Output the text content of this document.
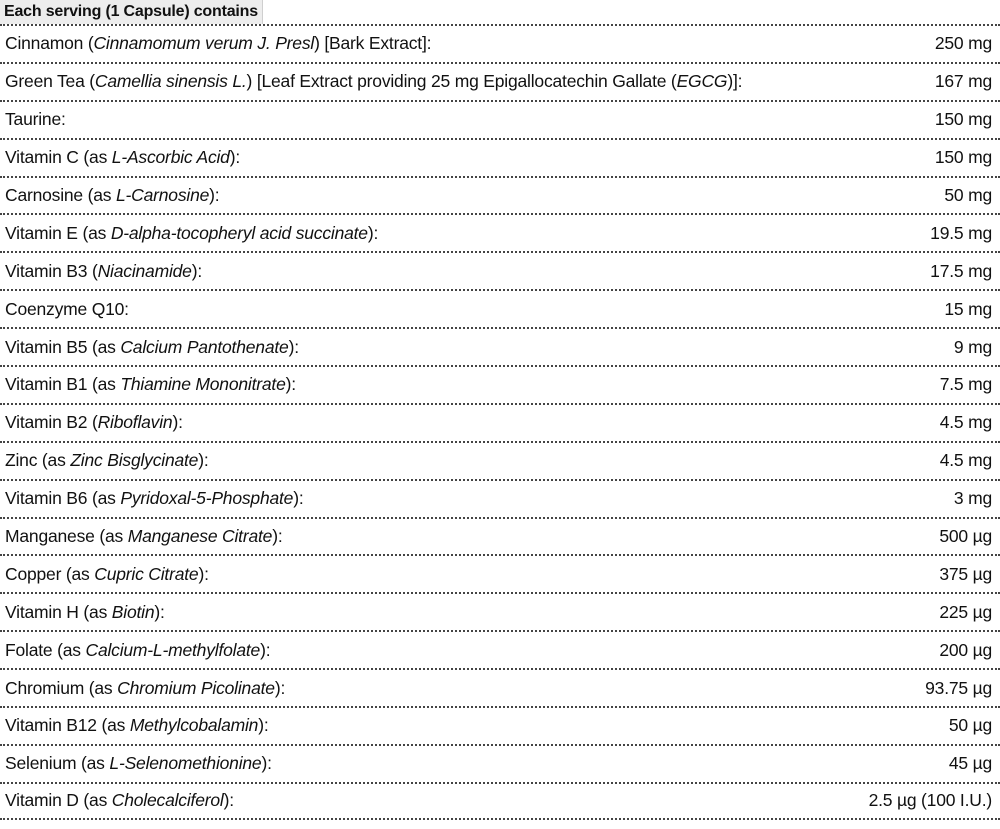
Each serving (1 Capsule) contains
Cinnamon (Cinnamomum verum J. Presl) [Bark Extract]:	250 mg
Green Tea (Camellia sinensis L.) [Leaf Extract providing 25 mg Epigallocatechin Gallate (EGCG)]:	167 mg
Taurine:	150 mg
Vitamin C (as L-Ascorbic Acid):	150 mg
Carnosine (as L-Carnosine):	50 mg
Vitamin E (as D-alpha-tocopheryl acid succinate):	19.5 mg
Vitamin B3 (Niacinamide):	17.5 mg
Coenzyme Q10:	15 mg
Vitamin B5 (as Calcium Pantothenate):	9 mg
Vitamin B1 (as Thiamine Mononitrate):	7.5 mg
Vitamin B2 (Riboflavin):	4.5 mg
Zinc (as Zinc Bisglycinate):	4.5 mg
Vitamin B6 (as Pyridoxal-5-Phosphate):	3 mg
Manganese (as Manganese Citrate):	500 µg
Copper (as Cupric Citrate):	375 µg
Vitamin H (as Biotin):	225 µg
Folate (as Calcium-L-methylfolate):	200 µg
Chromium (as Chromium Picolinate):	93.75 µg
Vitamin B12 (as Methylcobalamin):	50 µg
Selenium (as L-Selenomethionine):	45 µg
Vitamin D (as Cholecalciferol):	2.5 µg (100 I.U.)
